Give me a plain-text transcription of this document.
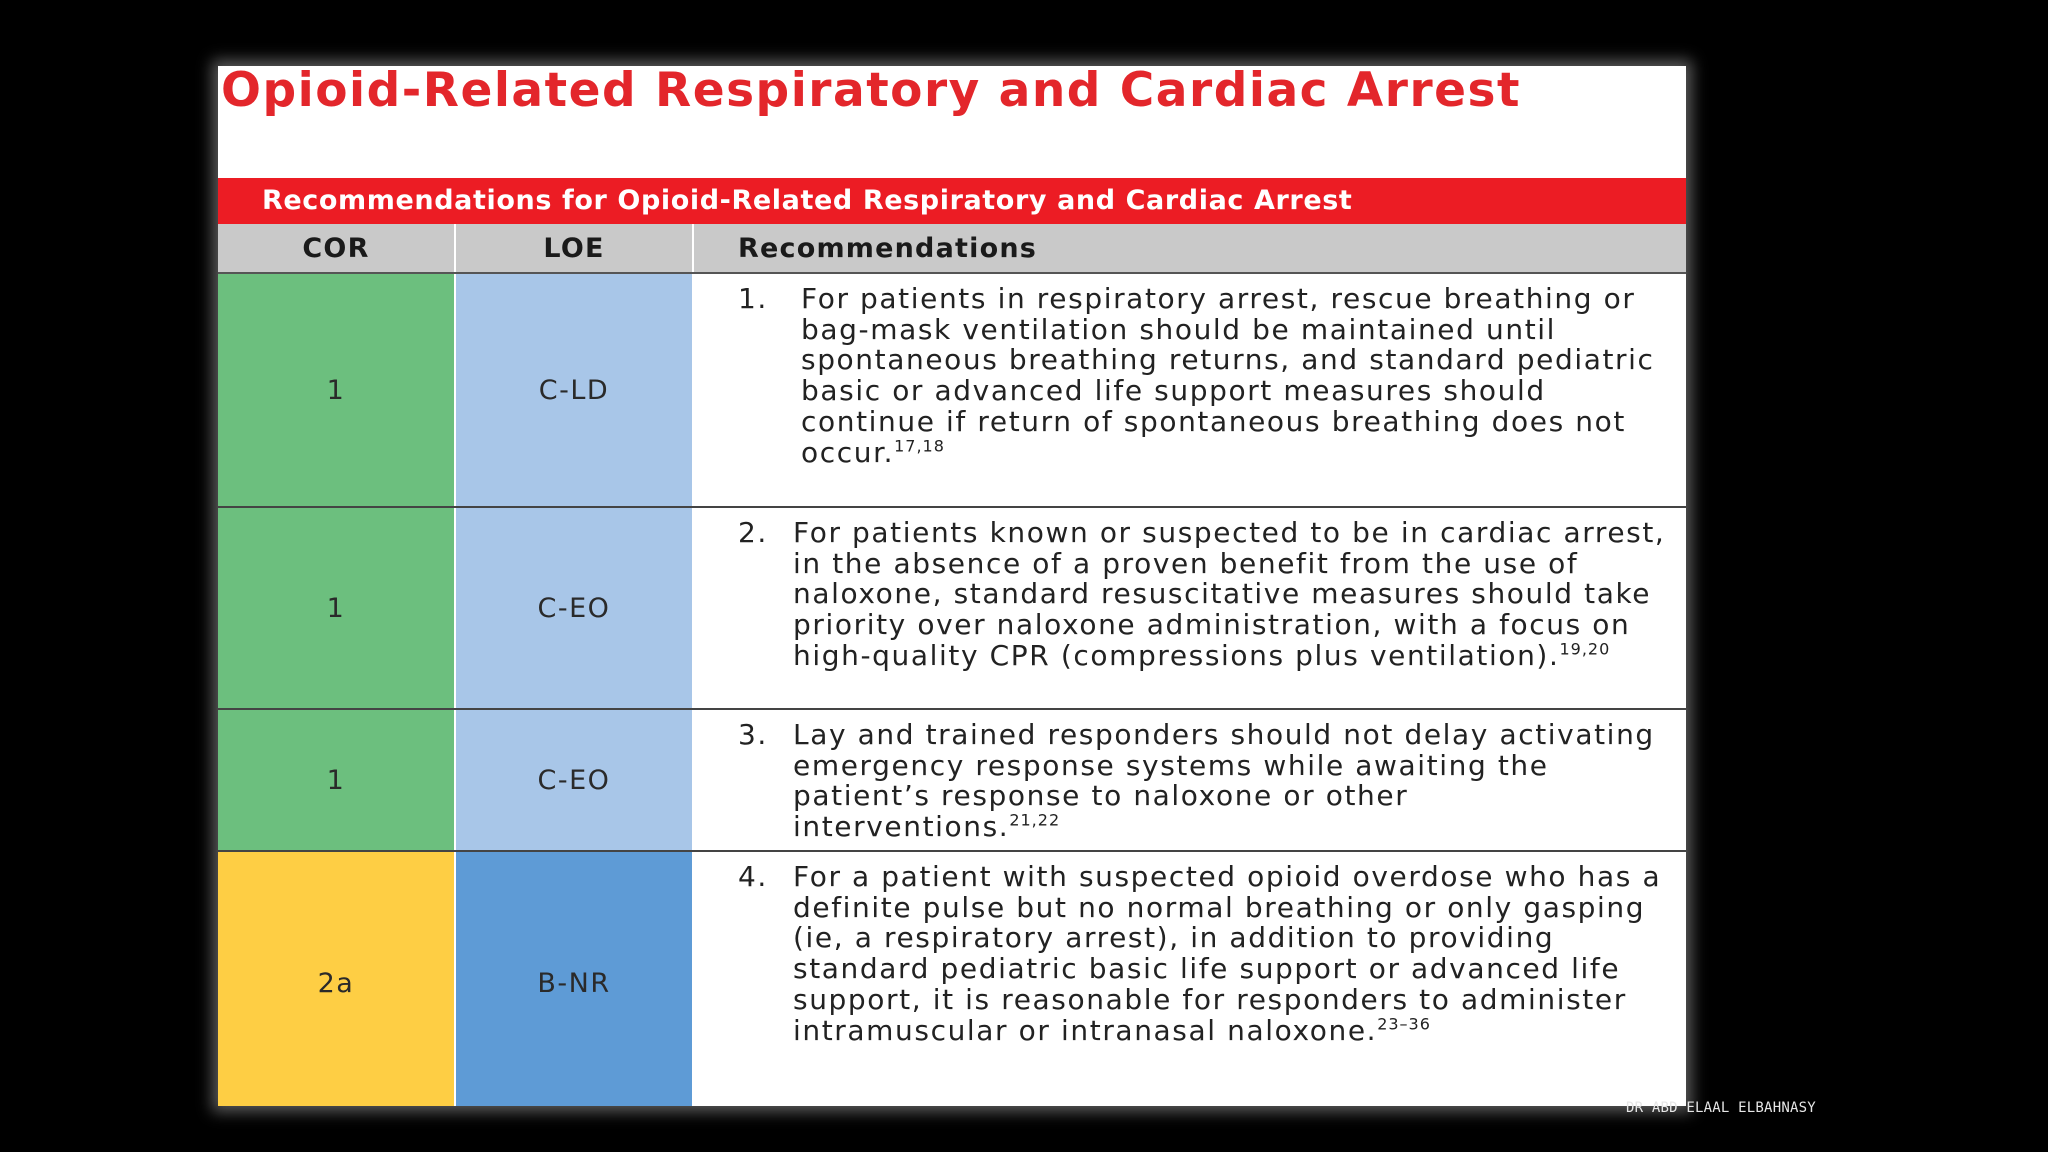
Opioid-Related Respiratory and Cardiac Arrest
Recommendations for Opioid-Related Respiratory and Cardiac Arrest
COR	LOE	Recommendations
1	C-LD	1. For patients in respiratory arrest, rescue breathing or bag-mask ventilation should be maintained until spontaneous breathing returns, and standard pediatric basic or advanced life support measures should continue if return of spontaneous breathing does not occur.$^{17,18}$

1	C-EO	2. For patients known or suspected to be in cardiac arrest, in the absence of a proven benefit from the use of naloxone, standard resuscitative measures should take priority over naloxone administration, with a focus on high-quality CPR (compressions plus ventilation).$^{19,20}$

1	C-EO	3. Lay and trained responders should not delay activating emergency response systems while awaiting the patient’s response to naloxone or other interventions.$^{21,22}$

2a	B-NR	4. For a patient with suspected opioid overdose who has a definite pulse but no normal breathing or only gasping (ie, a respiratory arrest), in addition to providing standard pediatric basic life support or advanced life support, it is reasonable for responders to administer intramuscular or intranasal naloxone.$^{23-36}$
DR ABD ELAAL ELBAHNASY
